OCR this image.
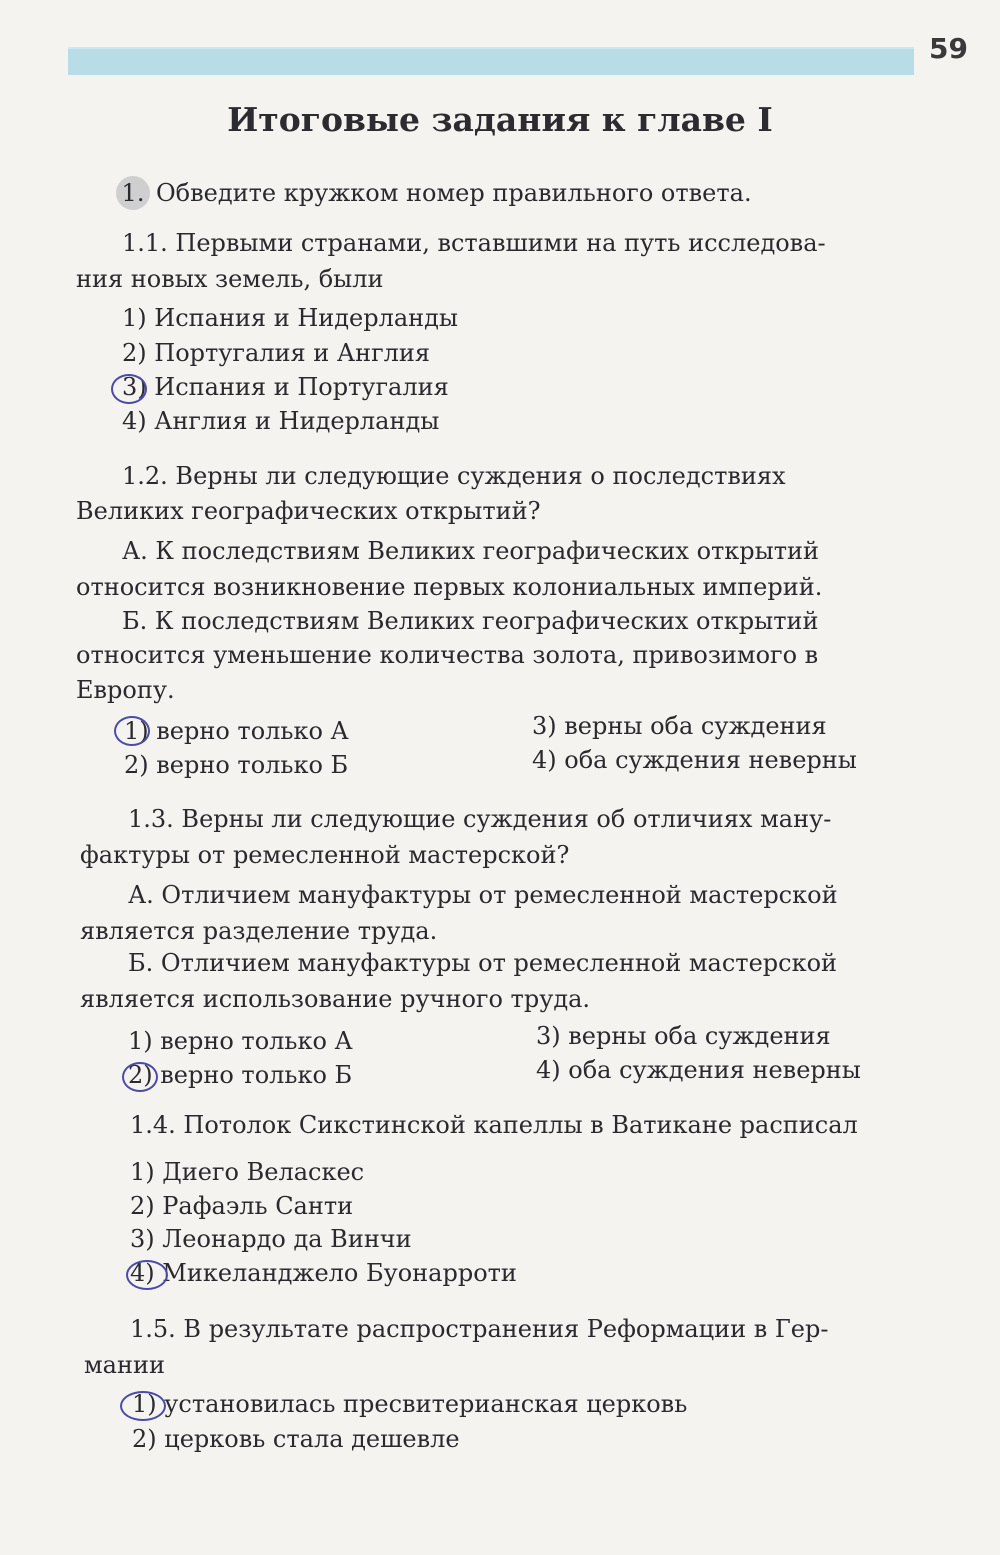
59
Итоговые задания к главе I
1. Обведите кружком номер правильного ответа.
1.1. Первыми странами, вставшими на путь исследова-
ния новых земель, были
1) Испания и Нидерланды
2) Португалия и Англия
3) Испания и Португалия
4) Англия и Нидерланды
1.2. Верны ли следующие суждения о последствиях
Великих географических открытий?
А. К последствиям Великих географических открытий
относится возникновение первых колониальных империй.
Б. К последствиям Великих географических открытий
относится уменьшение количества золота, привозимого в
Европу.
1) верно только А
2) верно только Б
3) верны оба суждения
4) оба суждения неверны
1.3. Верны ли следующие суждения об отличиях ману-
фактуры от ремесленной мастерской?
А. Отличием мануфактуры от ремесленной мастерской
является разделение труда.
Б. Отличием мануфактуры от ремесленной мастерской
является использование ручного труда.
1) верно только А
2) верно только Б
3) верны оба суждения
4) оба суждения неверны
1.4. Потолок Сикстинской капеллы в Ватикане расписал
1) Диего Веласкес
2) Рафаэль Санти
3) Леонардо да Винчи
4) Микеланджело Буонарроти
1.5. В результате распространения Реформации в Гер-
мании
1) установилась пресвитерианская церковь
2) церковь стала дешевле
